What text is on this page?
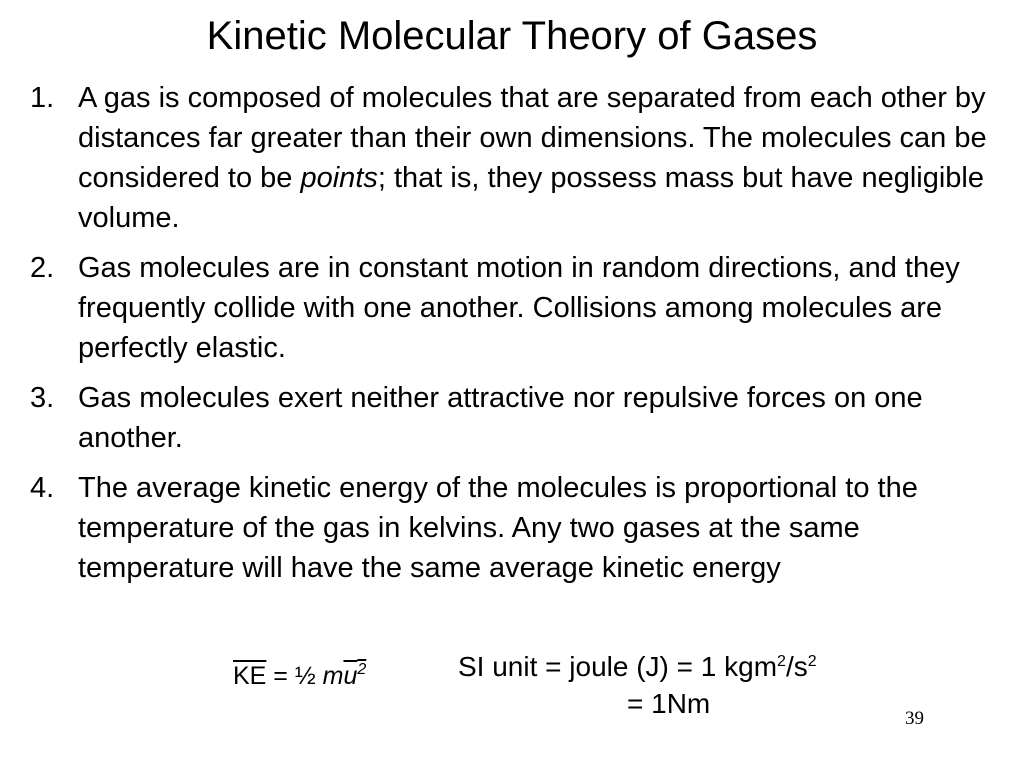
Kinetic Molecular Theory of Gases
1. A gas is composed of molecules that are separated from each other by distances far greater than their own dimensions. The molecules can be considered to be points; that is, they possess mass but have negligible volume.
2. Gas molecules are in constant motion in random directions, and they frequently collide with one another. Collisions among molecules are perfectly elastic.
3. Gas molecules exert neither attractive nor repulsive forces on one another.
4. The average kinetic energy of the molecules is proportional to the temperature of the gas in kelvins. Any two gases at the same temperature will have the same average kinetic energy
$\overline{KE}$ = ½ $mu^2$	SI unit = joule (J) = 1 $kgm^2/s^2$
= 1Nm	39
